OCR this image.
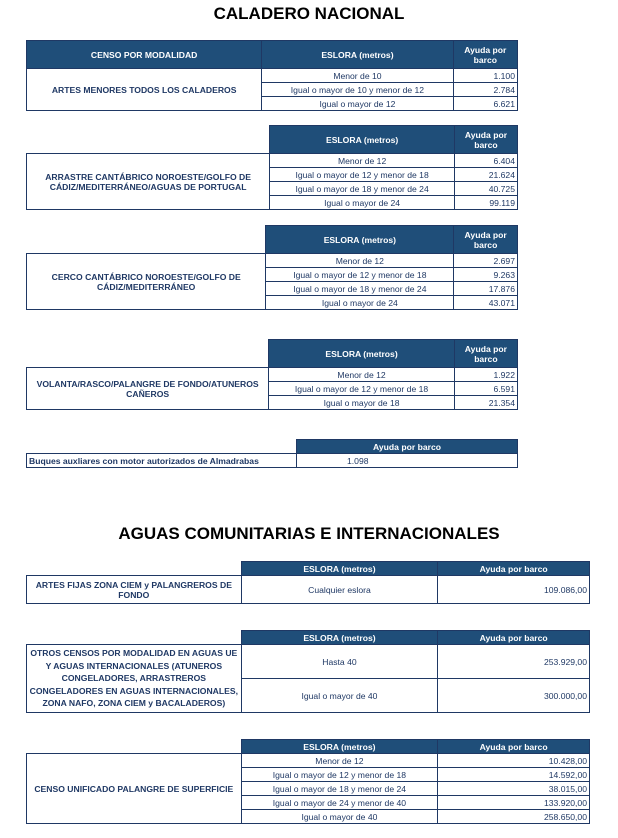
CALADERO NACIONAL
CENSO POR MODALIDAD	ESLORA (metros)	Ayuda por barco
ARTES MENORES TODOS LOS CALADEROS	Menor de 10	1.100
	Igual o mayor de 10 y menor de 12	2.784
	Igual o mayor de 12	6.621
	ESLORA (metros)	Ayuda por barco
ARRASTRE CANTÁBRICO NOROESTE/GOLFO DE CÁDIZ/MEDITERRÁNEO/AGUAS DE PORTUGAL	Menor de 12	6.404
	Igual o mayor de 12 y menor de 18	21.624
	Igual o mayor de 18 y menor de 24	40.725
	Igual o mayor de 24	99.119
	ESLORA (metros)	Ayuda por barco
CERCO CANTÁBRICO NOROESTE/GOLFO DE CÁDIZ/MEDITERRÁNEO	Menor de 12	2.697
	Igual o mayor de 12 y menor de 18	9.263
	Igual o mayor de 18 y menor de 24	17.876
	Igual o mayor de 24	43.071
	ESLORA (metros)	Ayuda por barco
VOLANTA/RASCO/PALANGRE DE FONDO/ATUNEROS CAÑEROS	Menor de 12	1.922
	Igual o mayor de 12 y menor de 18	6.591
	Igual o mayor de 18	21.354
	Ayuda por barco
Buques auxliares con motor autorizados de Almadrabas	1.098
AGUAS COMUNITARIAS E INTERNACIONALES
	ESLORA (metros)	Ayuda por barco
ARTES FIJAS ZONA CIEM y PALANGREROS DE FONDO	Cualquier eslora	109.086,00
	ESLORA (metros)	Ayuda por barco
OTROS CENSOS POR MODALIDAD EN AGUAS UE Y AGUAS INTERNACIONALES (ATUNEROS CONGELADORES, ARRASTREROS CONGELADORES EN AGUAS INTERNACIONALES, ZONA NAFO, ZONA CIEM y BACALADEROS)	Hasta 40	253.929,00
	Igual o mayor de 40	300.000,00
	ESLORA (metros)	Ayuda por barco
CENSO UNIFICADO PALANGRE DE SUPERFICIE	Menor de 12	10.428,00
	Igual o mayor de 12 y menor de 18	14.592,00
	Igual o mayor de 18 y menor de 24	38.015,00
	Igual o mayor de 24 y menor de 40	133.920,00
	Igual o mayor de 40	258.650,00
